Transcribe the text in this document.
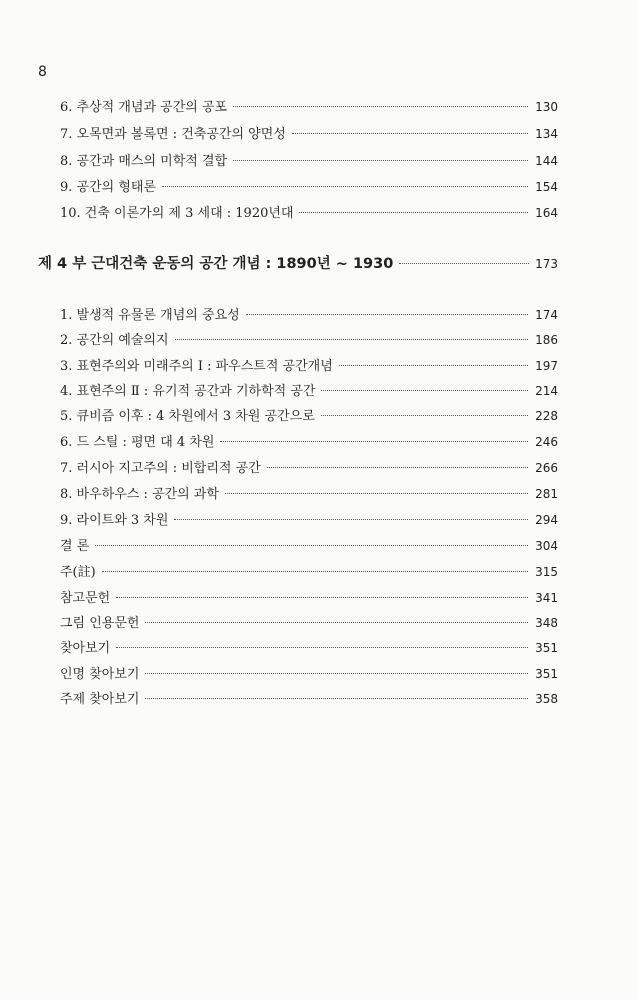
8
6. 추상적 개념과 공간의 공포	130
7. 오목면과 볼록면 : 건축공간의 양면성	134
8. 공간과 매스의 미학적 결합	144
9. 공간의 형태론	154
10. 건축 이론가의 제 3 세대 : 1920년대	164
제 4 부 근대건축 운동의 공간 개념 : 1890년 ~ 1930	173
1. 발생적 유물론 개념의 중요성	174
2. 공간의 예술의지	186
3. 표현주의와 미래주의 Ⅰ : 파우스트적 공간개념	197
4. 표현주의 Ⅱ : 유기적 공간과 기하학적 공간	214
5. 큐비즘 이후 : 4 차원에서 3 차원 공간으로	228
6. 드 스틸 : 평면 대 4 차원	246
7. 러시아 지고주의 : 비합리적 공간	266
8. 바우하우스 : 공간의 과학	281
9. 라이트와 3 차원	294
결 론	304
주(註)	315
참고문헌	341
그림 인용문헌	348
찾아보기	351
인명 찾아보기	351
주제 찾아보기	358
